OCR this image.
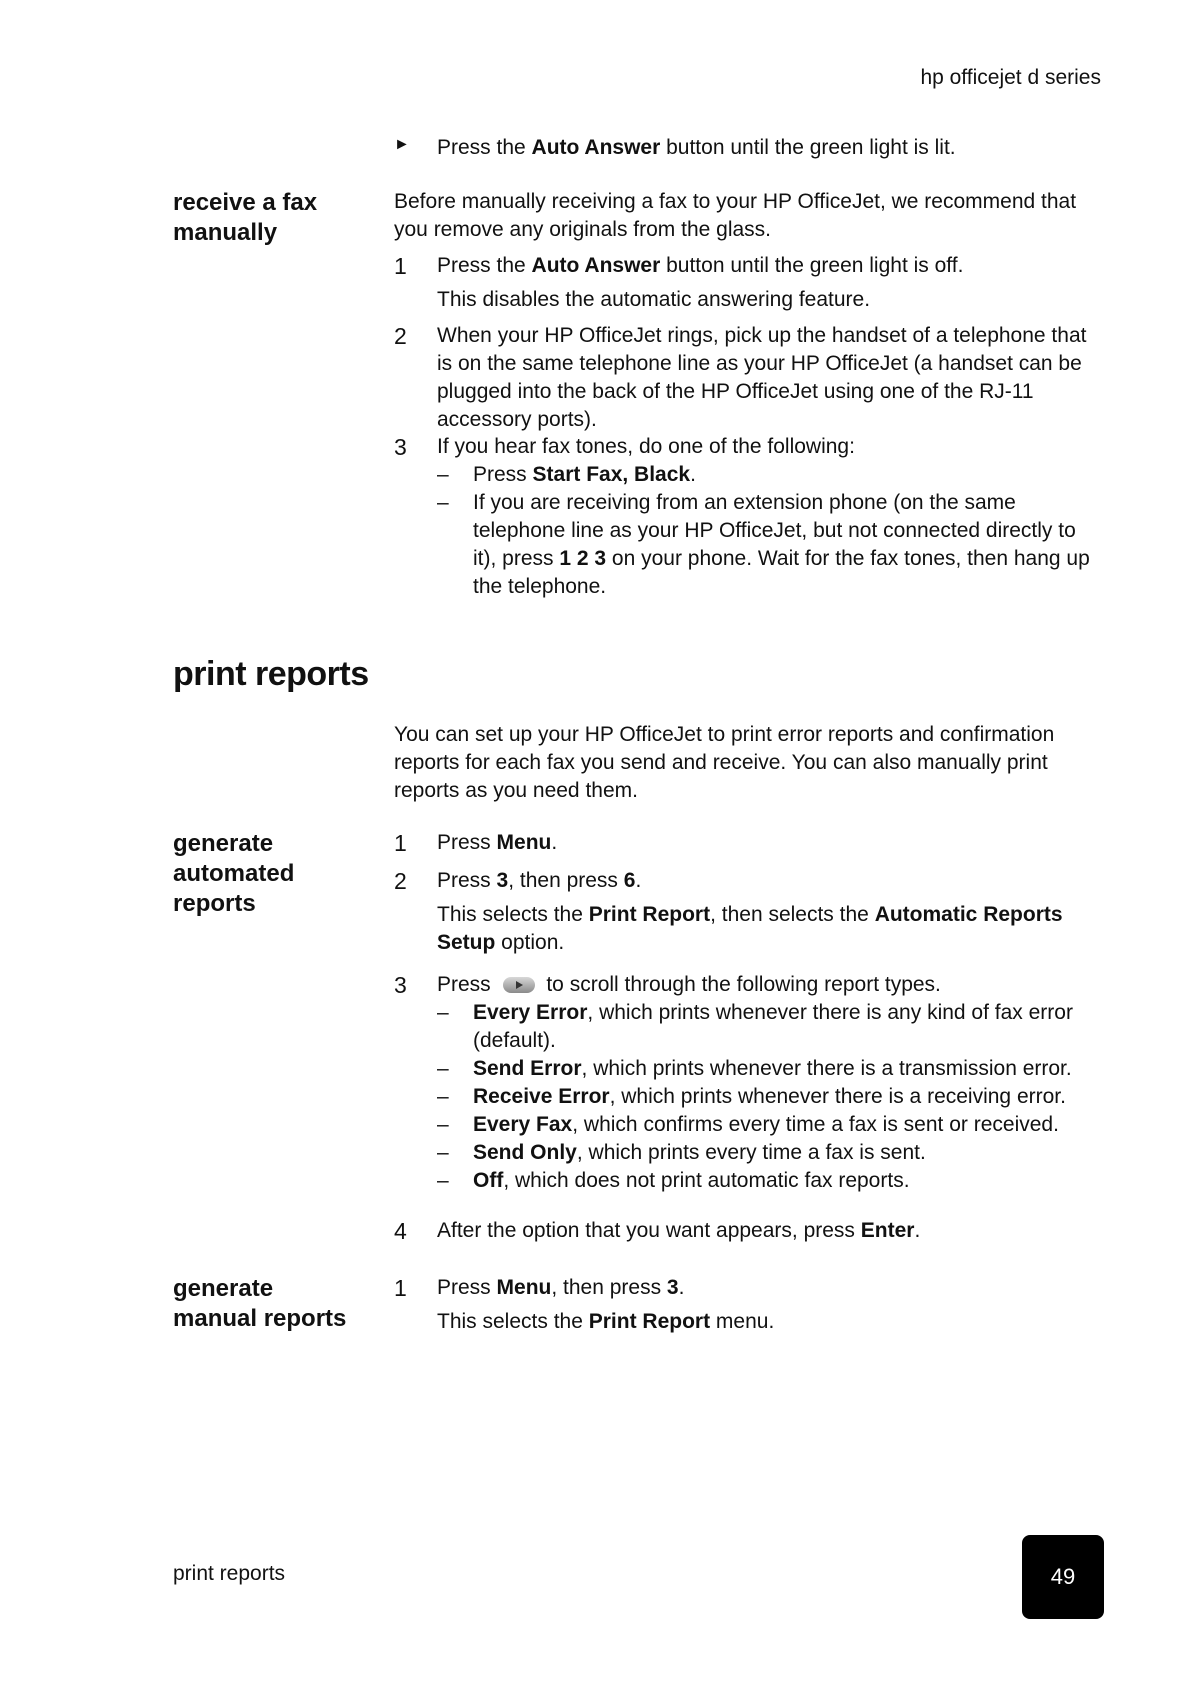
hp officejet d series
► Press the Auto Answer button until the green light is lit.
receive a fax manually
Before manually receiving a fax to your HP OfficeJet, we recommend that you remove any originals from the glass.
1	Press the Auto Answer button until the green light is off.
This disables the automatic answering feature.
2	When your HP OfficeJet rings, pick up the handset of a telephone that is on the same telephone line as your HP OfficeJet (a handset can be plugged into the back of the HP OfficeJet using one of the RJ-11 accessory ports).
3	If you hear fax tones, do one of the following:
– Press Start Fax, Black.
– If you are receiving from an extension phone (on the same telephone line as your HP OfficeJet, but not connected directly to it), press 1 2 3 on your phone. Wait for the fax tones, then hang up the telephone.
print reports
You can set up your HP OfficeJet to print error reports and confirmation reports for each fax you send and receive. You can also manually print reports as you need them.
generate automated reports
1	Press Menu.
2	Press 3, then press 6.
This selects the Print Report, then selects the Automatic Reports Setup option.
3	Press  to scroll through the following report types.
– Every Error, which prints whenever there is any kind of fax error (default).
– Send Error, which prints whenever there is a transmission error.
– Receive Error, which prints whenever there is a receiving error.
– Every Fax, which confirms every time a fax is sent or received.
– Send Only, which prints every time a fax is sent.
– Off, which does not print automatic fax reports.
4	After the option that you want appears, press Enter.
generate manual reports
1	Press Menu, then press 3.
This selects the Print Report menu.
print reports	49
